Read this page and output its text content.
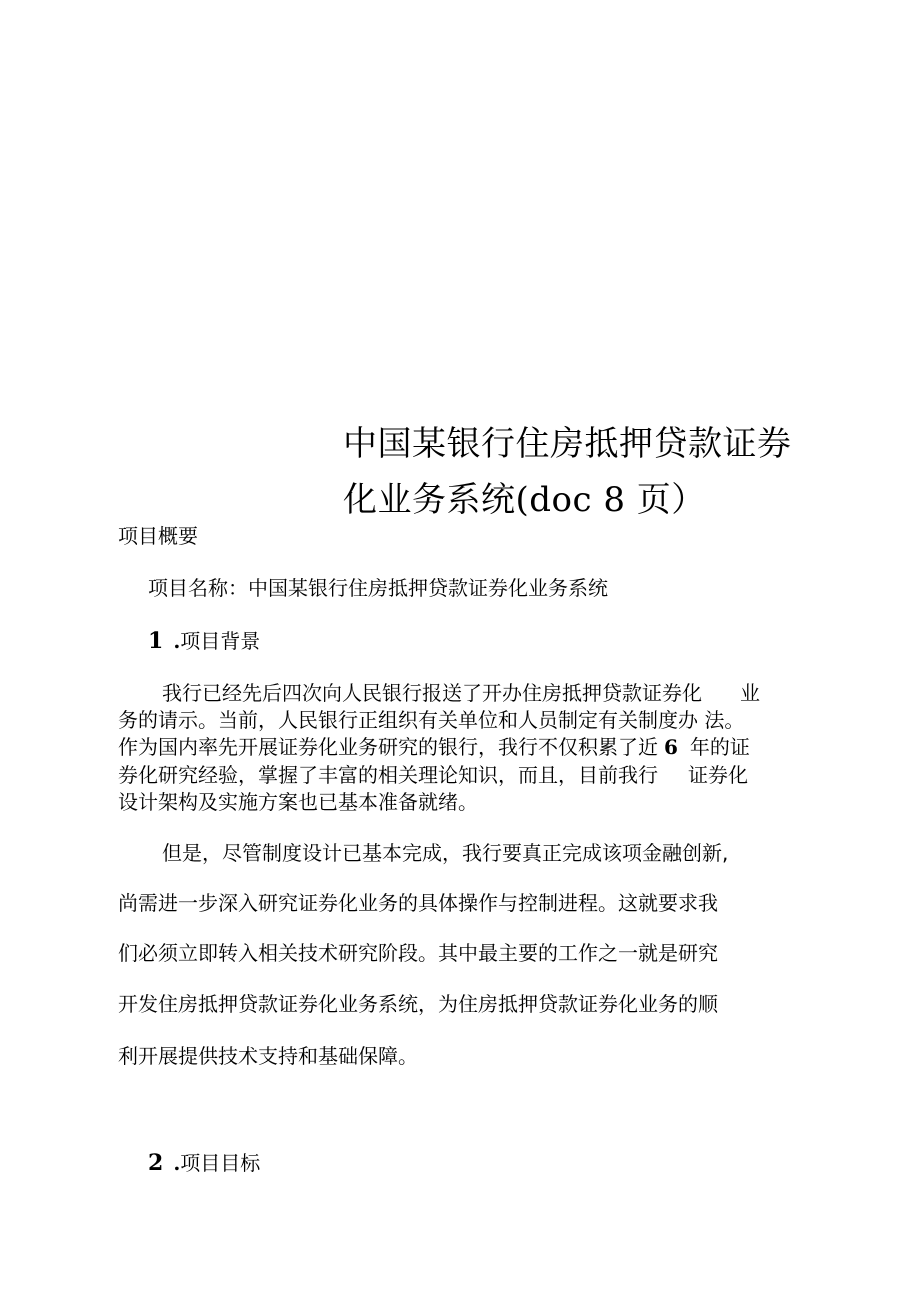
中国某银行住房抵押贷款证券
化业务系统(doc 8 页）
项目概要
项目名称：中国某银行住房抵押贷款证券化业务系统
1 .项目背景
我行已经先后四次向人民银行报送了开办住房抵押贷款证券化 业
务的请示。当前，人民银行正组织有关单位和人员制定有关制度办 法。
作为国内率先开展证券化业务研究的银行，我行不仅积累了近 6 年的证
券化研究经验，掌握了丰富的相关理论知识，而且，目前我行 证券化
设计架构及实施方案也已基本准备就绪。
但是，尽管制度设计已基本完成，我行要真正完成该项金融创新,
尚需进一步深入研究证券化业务的具体操作与控制进程。这就要求我
们必须立即转入相关技术研究阶段。其中最主要的工作之一就是研究
开发住房抵押贷款证券化业务系统，为住房抵押贷款证券化业务的顺
利开展提供技术支持和基础保障。
2 .项目目标
